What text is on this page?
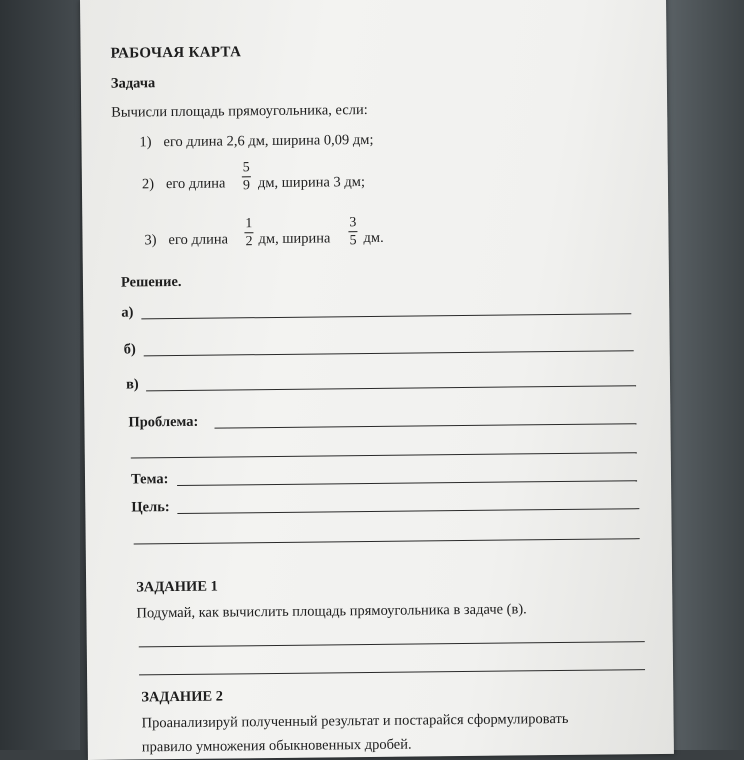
РАБОЧАЯ КАРТА
Задача
Вычисли площадь прямоугольника, если:
1) его длина 2,6 дм, ширина 0,09 дм;
2) его длина
5
9 дм, ширина 3 дм;
3) его длина
1
2 дм, ширина
3
5 дм.
Решение.
а)
б)
в)
Проблема:
Тема:
Цель:
ЗАДАНИЕ 1
Подумай, как вычислить площадь прямоугольника в задаче (в).
ЗАДАНИЕ 2
Проанализируй полученный результат и постарайся сформулировать
правило умножения обыкновенных дробей.
